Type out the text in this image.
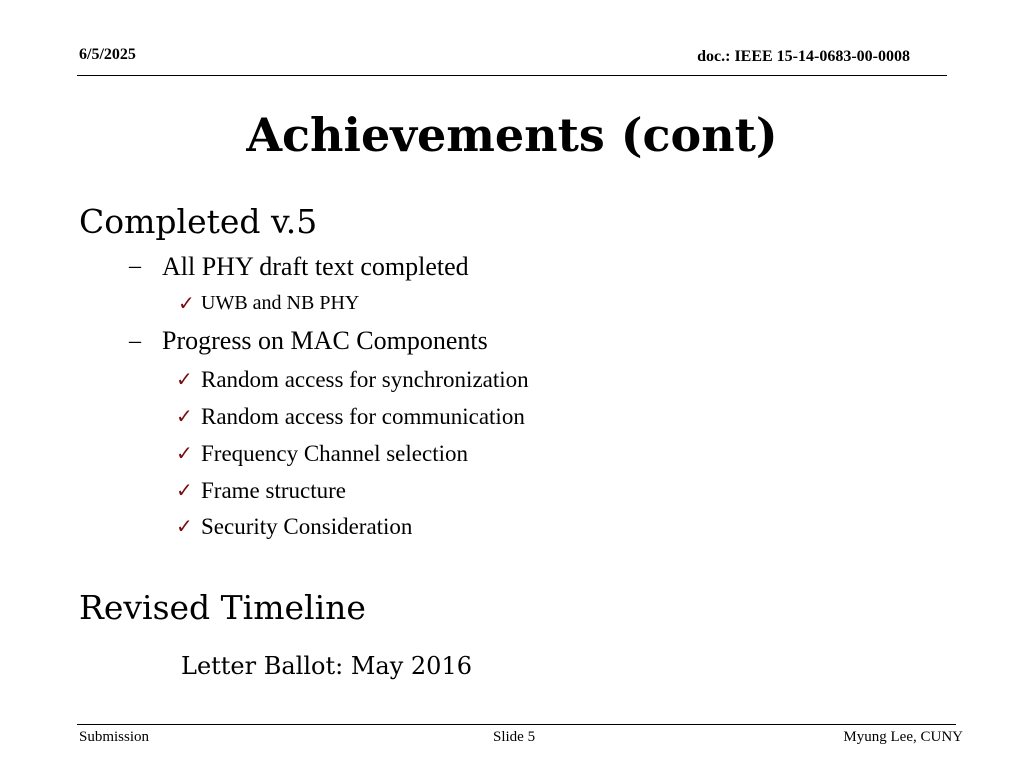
6/5/2025	doc.: IEEE 15-14-0683-00-0008
Achievements (cont)
Completed v.5
– All PHY draft text completed
✓ UWB and NB PHY
– Progress on MAC Components
✓ Random access for synchronization
✓ Random access for communication
✓ Frequency Channel selection
✓ Frame structure
✓ Security Consideration
Revised Timeline
Letter Ballot: May 2016
Submission	Slide 5	Myung Lee, CUNY
